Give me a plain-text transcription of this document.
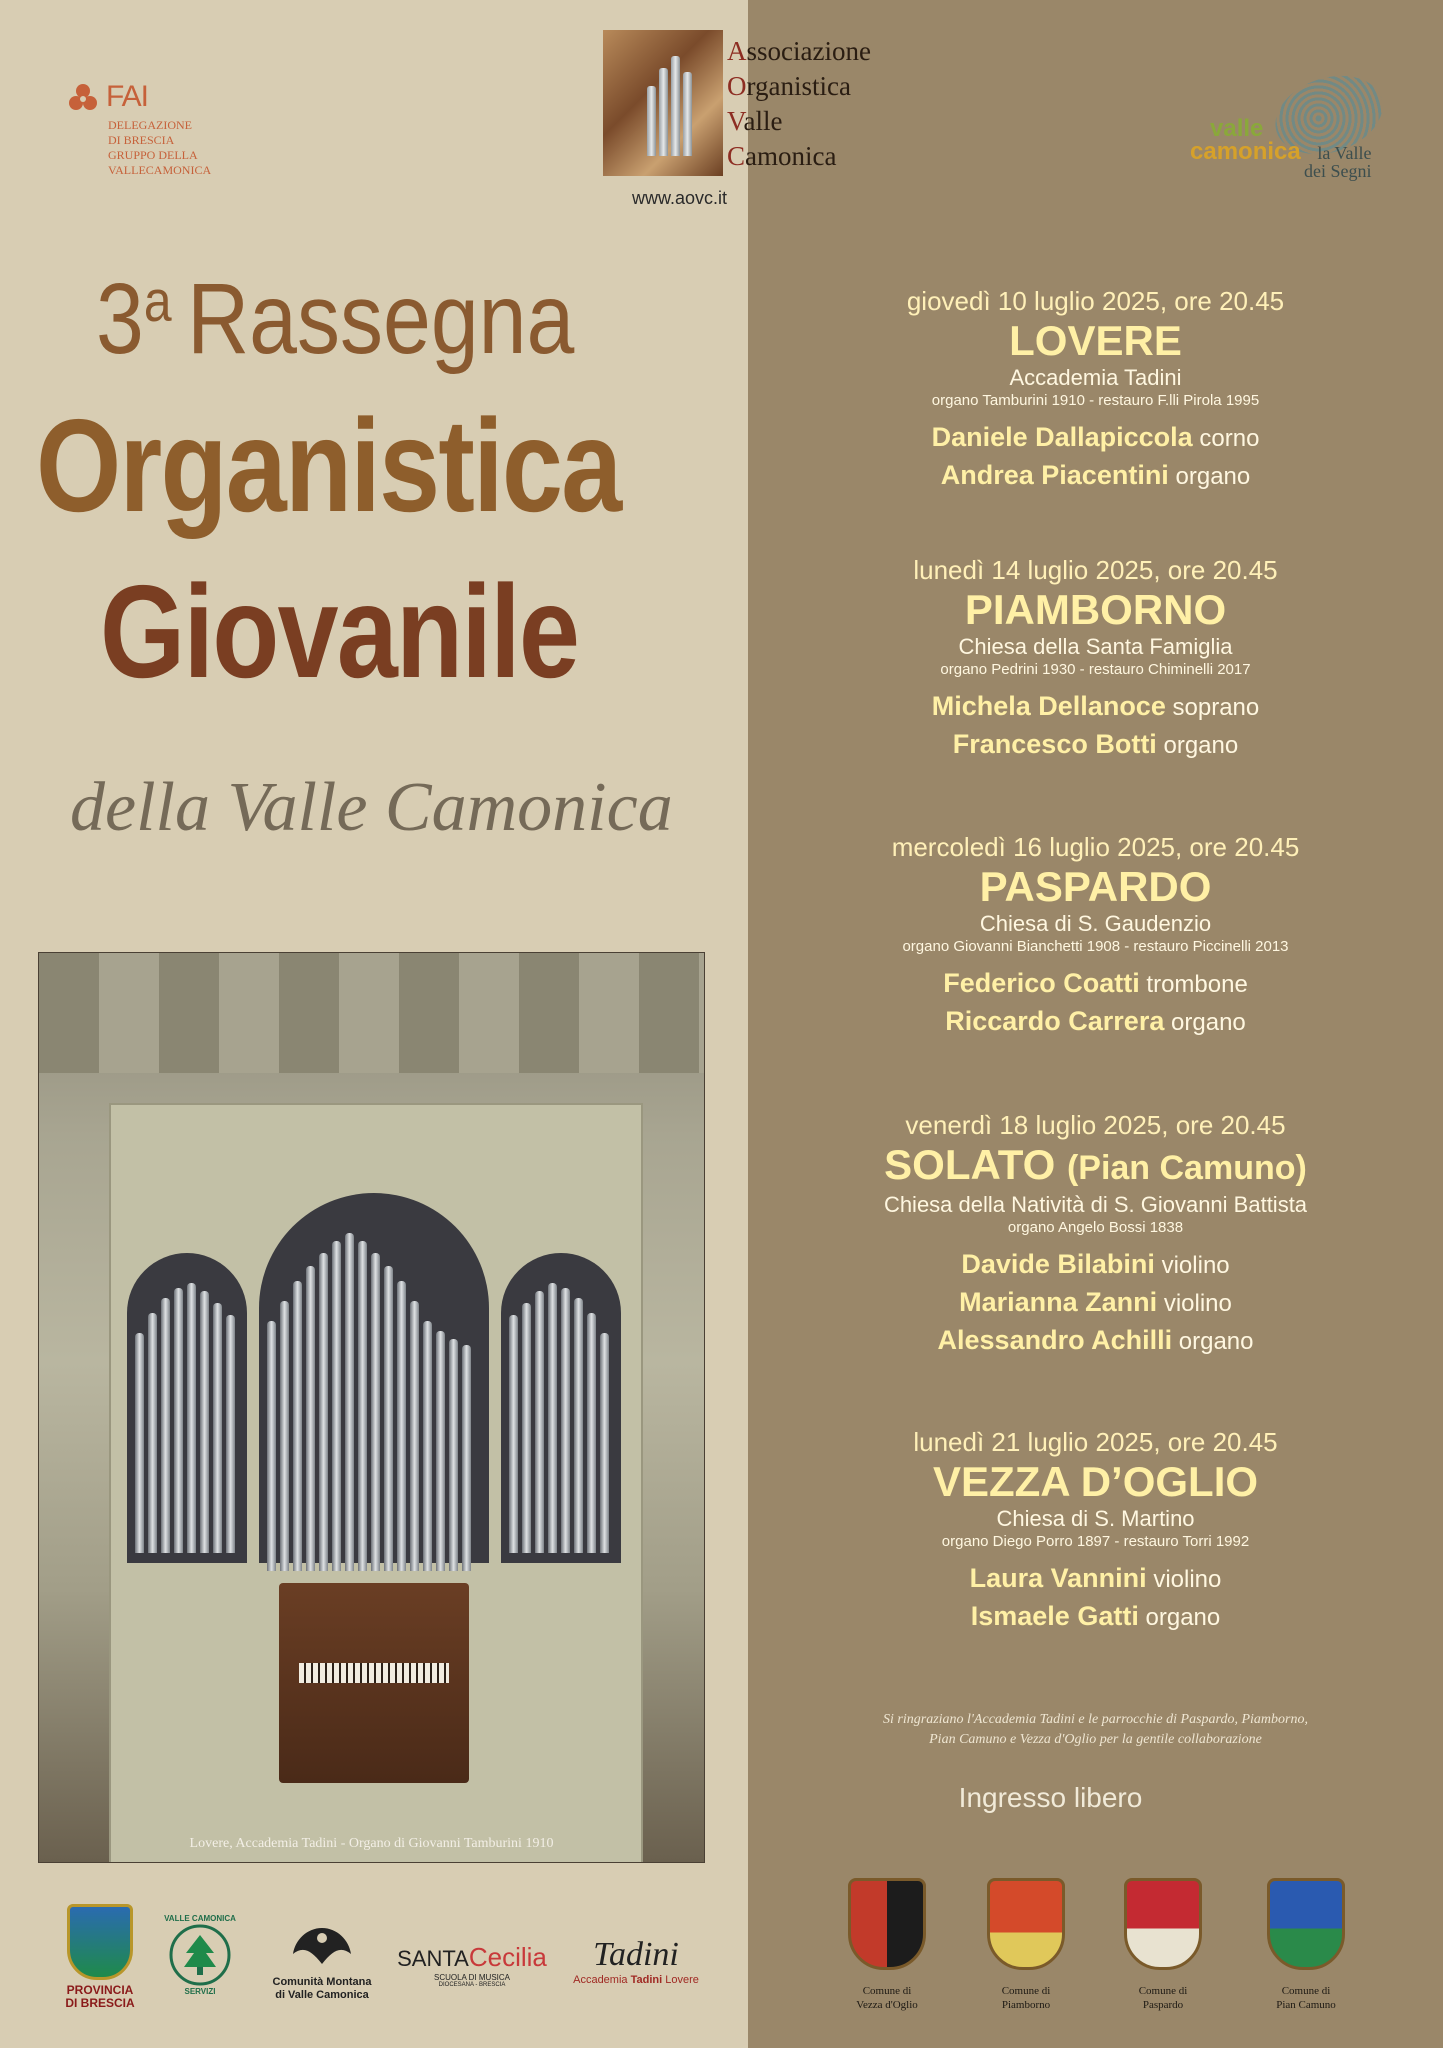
FAI
DELEGAZIONE
DI BRESCIA
GRUPPO DELLA
VALLECAMONICA
Associazione
Organistica
Valle
Camonica
www.aovc.it
valle
camonica la Valle
dei Segni
3$^a$ Rassegna
Organistica
Giovanile
della Valle Camonica
Lovere, Accademia Tadini - Organo di Giovanni Tamburini 1910
giovedì 10 luglio 2025, ore 20.45
LOVERE
Accademia Tadini
organo Tamburini 1910 - restauro F.lli Pirola 1995
Daniele Dallapiccola corno
Andrea Piacentini organo
lunedì 14 luglio 2025, ore 20.45
PIAMBORNO
Chiesa della Santa Famiglia
organo Pedrini 1930 - restauro Chiminelli 2017
Michela Dellanoce soprano
Francesco Botti organo
mercoledì 16 luglio 2025, ore 20.45
PASPARDO
Chiesa di S. Gaudenzio
organo Giovanni Bianchetti 1908 - restauro Piccinelli 2013
Federico Coatti trombone
Riccardo Carrera organo
venerdì 18 luglio 2025, ore 20.45
SOLATO (Pian Camuno)
Chiesa della Natività di S. Giovanni Battista
organo Angelo Bossi 1838
Davide Bilabini violino
Marianna Zanni violino
Alessandro Achilli organo
lunedì 21 luglio 2025, ore 20.45
VEZZA D’OGLIO
Chiesa di S. Martino
organo Diego Porro 1897 - restauro Torri 1992
Laura Vannini violino
Ismaele Gatti organo
Si ringraziano l'Accademia Tadini e le parrocchie di Paspardo, Piamborno,
Pian Camuno e Vezza d'Oglio per la gentile collaborazione
Ingresso libero
PROVINCIA
DI BRESCIA
VALLE CAMONICA
SERVIZI
Comunità Montana
di Valle Camonica
SANTACecilia
SCUOLA DI MUSICA
DIOCESANA - BRESCIA
Tadini
Accademia Tadini Lovere
Comune di
Vezza d'Oglio
Comune di
Piamborno
Comune di
Paspardo
Comune di
Pian Camuno
